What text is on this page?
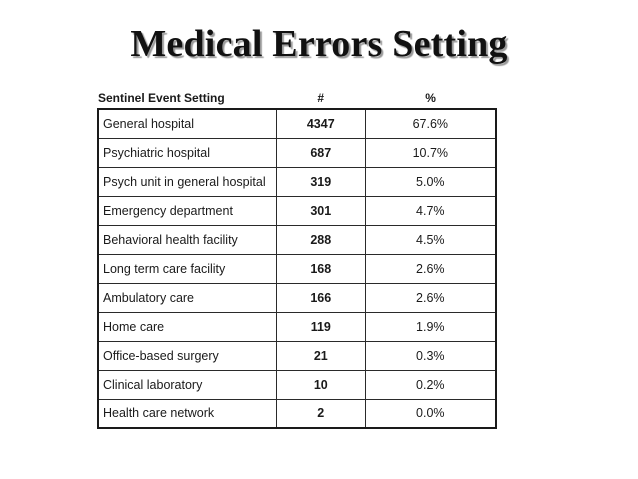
Medical Errors Setting
Sentinel Event Setting	#	%
General hospital	4347	67.6%
Psychiatric hospital	687	10.7%
Psych unit in general hospital	319	5.0%
Emergency department	301	4.7%
Behavioral health facility	288	4.5%
Long term care facility	168	2.6%
Ambulatory care	166	2.6%
Home care	119	1.9%
Office-based surgery	21	0.3%
Clinical laboratory	10	0.2%
Health care network	2	0.0%
